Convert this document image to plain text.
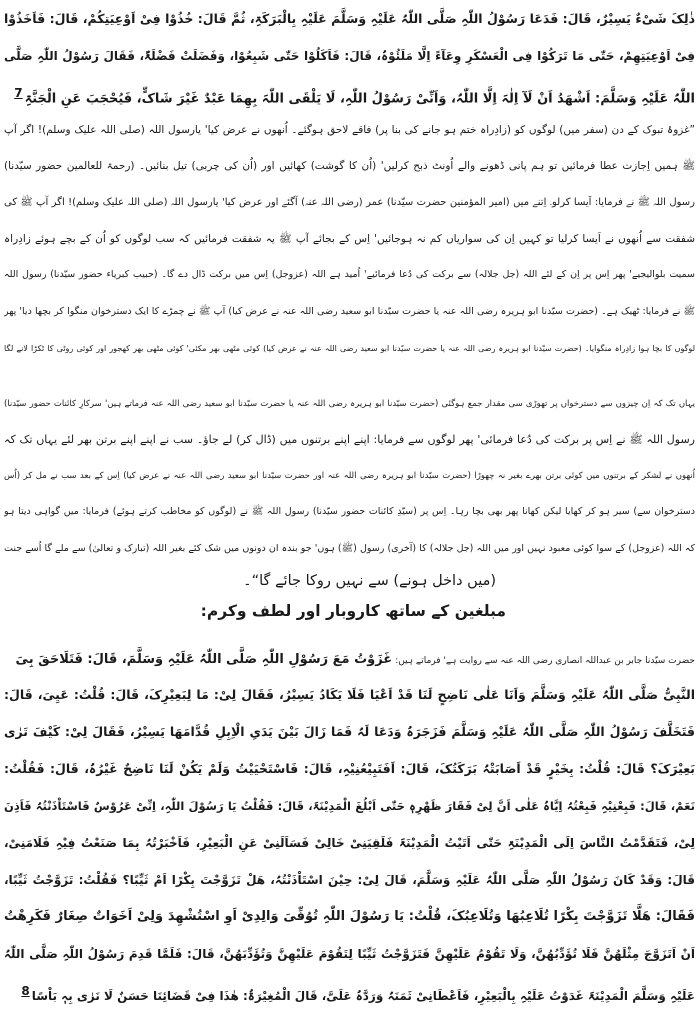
ذٰلِکَ شَیْءٌ یَسِیْرٌ، قَالَ: فَدَعَا رَسُوْلُ اللّٰہِ صَلَّی اللّٰہُ عَلَیْہِ وَسَلَّمَ عَلَیْہِ بِالْبَرَکَۃِ، ثُمَّ قَالَ: خُذُوْا فِیْ اَوْعِیَتِکُمْ، قَالَ: فَاَخَذُوْا
فِیْ اَوْعِیَتِھِمْ، حَتّٰی مَا تَرَکُوْا فِی الْعَسْکَرِ وِعَآءً اِلَّا مَلَئُوْہُ، قَالَ: فَاَکَلُوْا حَتّٰی شَبِعُوْا، وَفَضَلَتْ فَضْلَۃٌ، فَقَالَ رَسُوْلُ اللّٰہِ صَلَّی
اللّٰہُ عَلَیْہِ وَسَلَّمَ: اَشْھَدُ اَنْ لَآ اِلٰہَ اِلَّا اللّٰہُ، وَاَنِّیْ رَسُوْلُ اللّٰہِ، لَا یَلْقَی اللّٰہَ بِھِمَا عَبْدٌ غَیْرَ شَاکٍّ، فَیُحْجَبَ عَنِ الْجَنَّۃِ7
”غزوۂ تبوک کے دن (سفر میں) لوگوں کو (زادِراہ ختم ہو جانے کی بنا پر) فاقے لاحق ہوگئے۔ اُنھوں نے عرض کیا' یارسول اللہ (صلی اللہ علیک وسلم)! اگر آپ
ﷺ ہمیں اِجازت عطا فرمائیں تو ہم پانی ڈھونے والے اُونٹ ذبح کرلیں' (اُن کا گوشت) کھائیں اور (اُن کی چربی) تیل بنائیں۔ (رحمۃ للعالمین حضور سیّدنا)
رسول اللہ ﷺ نے فرمایا: اَیسا کرلو۔ اِتنے میں (امیر المؤمنین حضرت سیّدنا) عمر (رضی اللہ عنہ) آگئے اور عرض کیا' یارسول اللہ (صلی اللہ علیک وسلم)! اگر آپ ﷺ کی
شفقت سے اُنھوں نے اَیسا کرلیا تو کہیں اِن کی سواریاں کم نہ ہوجائیں' اِس کے بجائے آپ ﷺ یہ شفقت فرمائیں کہ سب لوگوں کو اُن کے بچے ہوئے زادِراہ
سمیت بلوالیجیے' پھر اِس پر اِن کے لئے اللہ (جل جلالہ) سے برکت کی دُعا فرمائیے' اُمید ہے اللہ (عزوجل) اِس میں برکت ڈال دے گا۔ (حبیب کبریاء حضور سیّدنا) رسول اللہ
ﷺ نے فرمایا: ٹھیک ہے۔ (حضرت سیّدنا ابو ہریرہ رضی اللہ عنہ یا حضرت سیّدنا ابو سعید رضی اللہ عنہ نے عرض کیا) آپ ﷺ نے چمڑے کا ایک دسترخوان منگوا کر بچھا دیا' پھر
لوگوں کا بچا ہوا زادِراہ منگوایا۔ (حضرت سیّدنا ابو ہریرہ رضی اللہ عنہ یا حضرت سیّدنا ابو سعید رضی اللہ عنہ نے عرض کیا) کوئی مٹھی بھر مکئی' کوئی مٹھی بھر کھجور اور کوئی روٹی کا ٹکڑا لانے لگا
یہاں تک کہ اِن چیزوں سے دسترخواں پر تھوڑی سی مقدار جمع ہوگئی (حضرت سیّدنا ابو ہریرہ رضی اللہ عنہ یا حضرت سیّدنا ابو سعید رضی اللہ عنہ فرماتے ہیں' سرکارِ کائنات حضور سیّدنا)
رسول اللہ ﷺ نے اِس پر برکت کی دُعا فرمائی' پھر لوگوں سے فرمایا: اپنے اپنے برتنوں میں (ڈال کر) لے جاؤ۔ سب نے اپنے اپنے برتن بھر لئے یہاں تک کہ
اُنھوں نے لشکر کے برتنوں میں کوئی برتن بھرے بغیر نہ چھوڑا (حضرت سیّدنا ابو ہریرہ رضی اللہ عنہ اور حضرت سیّدنا ابو سعید رضی اللہ عنہ نے عرض کیا) اِس کے بعد سب نے مل کر (اُس
دسترخوان سے) سیر ہو کر کھایا لیکن کھانا پھر بھی بچا رہا۔ اِس پر (سیّدِ کائنات حضور سیّدنا) رسول اللہ ﷺ نے (لوگوں کو مخاطب کرتے ہوئے) فرمایا: میں گواہی دیتا ہو
کہ اللہ (عزوجل) کے سوا کوئی معبود نہیں اور میں اللہ (جل جلالہ) کا (آخری) رسول (ﷺ) ہوں' جو بندہ ان دونوں میں شک کئے بغیر اللہ (تبارک و تعالیٰ) سے ملے گا اُسے جنت
(میں داخل ہونے) سے نہیں روکا جائے گا“۔
مبلغین کے ساتھ کاروبار اور لطف وکرم:
حضرت سیّدنا جابر بن عبداللہ انصاری رضی اللہ عنہ سے روایت ہے' فرماتے ہیں: غَزَوْتُ مَعَ رَسُوْلِ اللّٰہِ صَلَّی اللّٰہُ عَلَیْہِ وَسَلَّمَ، قَالَ: فَتَلَاحَقَ بِیَ
النَّبِیُّ صَلَّی اللّٰہُ عَلَیْہِ وَسَلَّمَ وَاَنَا عَلٰی نَاضِحٍ لَنَا قَدْ اَعْیَا فَلَا یَکَادُ یَسِیْرُ، فَقَالَ لِیْ: مَا لِبَعِیْرِکَ، قَالَ: قُلْتُ: عَیِیَ، قَالَ:
فَتَخَلَّفَ رَسُوْلُ اللّٰہِ صَلَّی اللّٰہُ عَلَیْہِ وَسَلَّمَ فَزَجَرَہُ وَدَعَا لَہُ فَمَا زَالَ بَیْنَ یَدَیِ الْاِبِلِ قُدَّامَھَا یَسِیْرُ، فَقَالَ لِیْ: کَیْفَ تَرٰی
بَعِیْرَکَ؟ قَالَ: قُلْتُ: بِخَیْرٍ قَدْ اَصَابَتْہُ بَرَکَتُکَ، قَالَ: اَفَتَبِیْعُنِیْہِ، قَالَ: فَاسْتَحْیَیْتُ وَلَمْ یَکُنْ لَنَا نَاضِحٌ غَیْرُہُ، قَالَ: فَقُلْتُ:
نَعَمْ، قَالَ: فَبِعْنِیْہِ فَبِعْتُہُ اِیَّاہُ عَلٰی اَنَّ لِیْ فَقَارَ ظَھْرِہٖ حَتّٰی اَبْلُغَ الْمَدِیْنَۃَ، قَالَ: فَقُلْتُ یَا رَسُوْلَ اللّٰہِ، اِنِّیْ عَرُوْسٌ فَاسْتَاْذَنْتُہُ فَاَذِنَ
لِیْ، فَتَقَدَّمْتُ النَّاسَ اِلَی الْمَدِیْنَۃِ حَتّٰی اَتَیْتُ الْمَدِیْنَۃَ فَلَقِیَنِیْ خَالِیْ فَسَاَلَنِیْ عَنِ الْبَعِیْرِ، فَاَخْبَرْتُہُ بِمَا صَنَعْتُ فِیْہِ فَلَامَنِیْ،
قَالَ: وَقَدْ کَانَ رَسُوْلُ اللّٰہِ صَلَّی اللّٰہُ عَلَیْہِ وَسَلَّمَ، قَالَ لِیْ: حِیْنَ اسْتَاْذَنْتُہُ، ھَلْ تَزَوَّجْتَ بِکْرًا اَمْ ثَیِّبًا؟ فَقُلْتُ: تَزَوَّجْتُ ثَیِّبًا،
فَقَالَ: ھَلَّا تَزَوَّجْتَ بِکْرًا تُلَاعِبُھَا وَتُلَاعِبُکَ، قُلْتُ: یَا رَسُوْلَ اللّٰہِ تُوُفِّیَ وَالِدِیْ اَوِ اسْتُشْھِدَ وَلِیْ اَخَوَاتٌ صِغَارٌ فَکَرِھْتُ
اَنْ اَتَزَوَّجَ مِثْلَھُنَّ فَلَا تُؤَدِّبُھُنَّ، وَلَا تَقُوْمُ عَلَیْھِنَّ فَتَزَوَّجْتُ ثَیِّبًا لِتَقُوْمَ عَلَیْھِنَّ وَتُؤَدِّبَھُنَّ، قَالَ: فَلَمَّا قَدِمَ رَسُوْلُ اللّٰہِ صَلَّی اللّٰہُ
عَلَیْہِ وَسَلَّمَ الْمَدِیْنَۃَ غَدَوْتُ عَلَیْہِ بِالْبَعِیْرِ، فَاَعْطَانِیْ ثَمَنَہُ وَرَدَّہُ عَلَیَّ، قَالَ الْمُغِیْرَۃُ: ھٰذَا فِیْ قَضَائِنَا حَسَنٌ لَا نَرٰی بِہٖ بَاْسًا8
